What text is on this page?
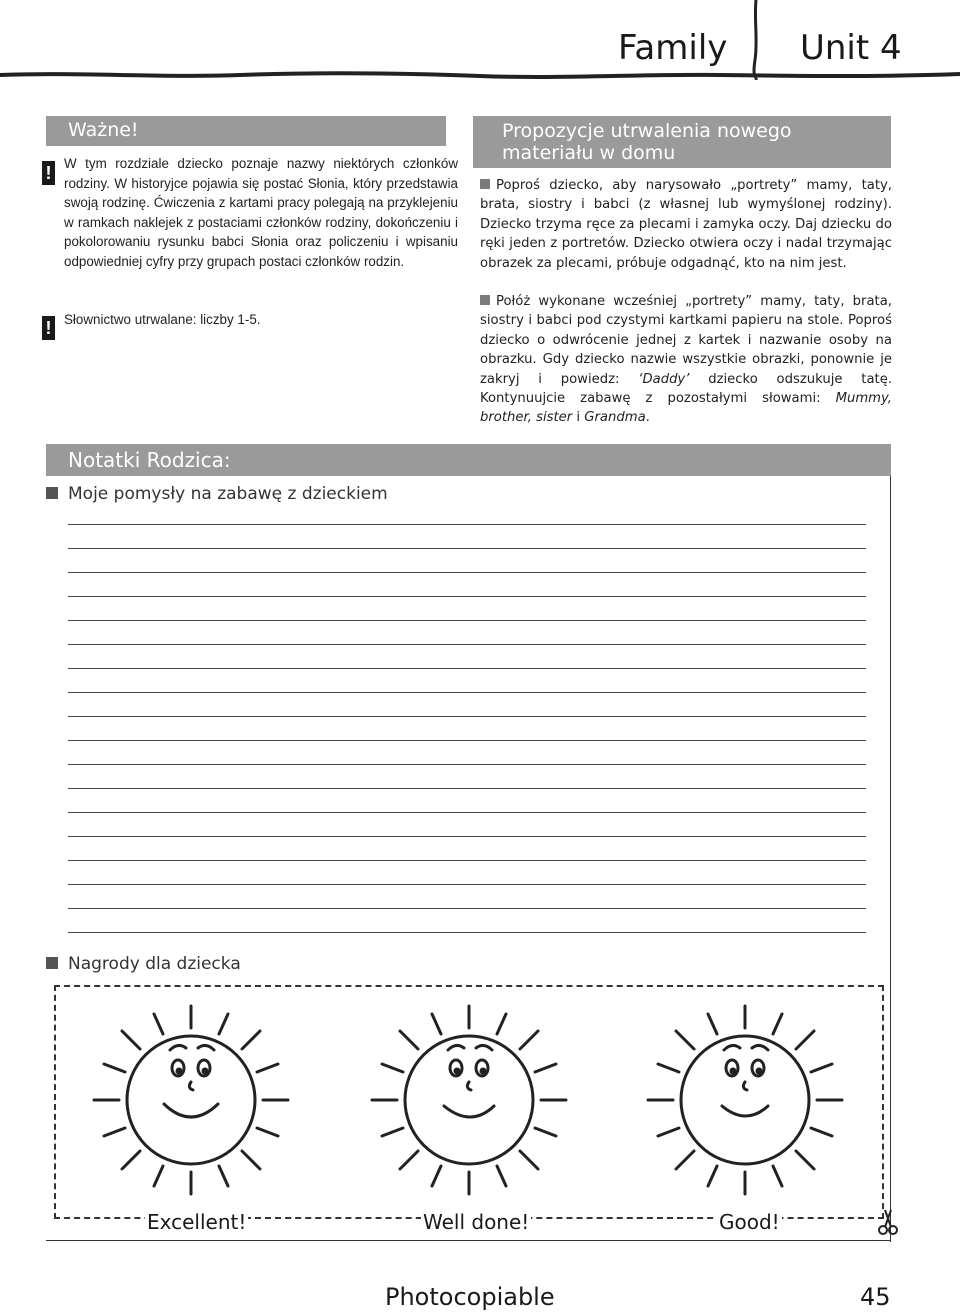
Family Unit 4
Ważne!
! W tym rozdziale dziecko poznaje nazwy niektórych członków rodziny. W historyjce pojawia się postać Słonia, który przedstawia swoją rodzinę. Ćwiczenia z kartami pracy polegają na przyklejeniu w ramkach naklejek z postaciami członków rodziny, dokończeniu i pokolorowaniu rysunku babci Słonia oraz policzeniu i wpisaniu odpowiedniej cyfry przy grupach postaci członków rodzin.
! Słownictwo utrwalane: liczby 1-5.
Propozycje utrwalenia nowego materiału w domu
Poproś dziecko, aby narysowało „portrety” mamy, taty, brata, siostry i babci (z własnej lub wymyślonej rodziny). Dziecko trzyma ręce za plecami i zamyka oczy. Daj dziecku do ręki jeden z portretów. Dziecko otwiera oczy i nadal trzymając obrazek za plecami, próbuje odgadnąć, kto na nim jest.
Połóż wykonane wcześniej „portrety” mamy, taty, brata, siostry i babci pod czystymi kartkami papieru na stole. Poproś dziecko o odwrócenie jednej z kartek i nazwanie osoby na obrazku. Gdy dziecko nazwie wszystkie obrazki, ponownie je zakryj i powiedz: ‘Daddy’ dziecko odszukuje tatę. Kontynuujcie zabawę z pozostałymi słowami: Mummy, brother, sister i Grandma.
Notatki Rodzica:
Moje pomysły na zabawę z dzieckiem
Nagrody dla dziecka
Excellent!	Well done!	Good!
Photocopiable	45
